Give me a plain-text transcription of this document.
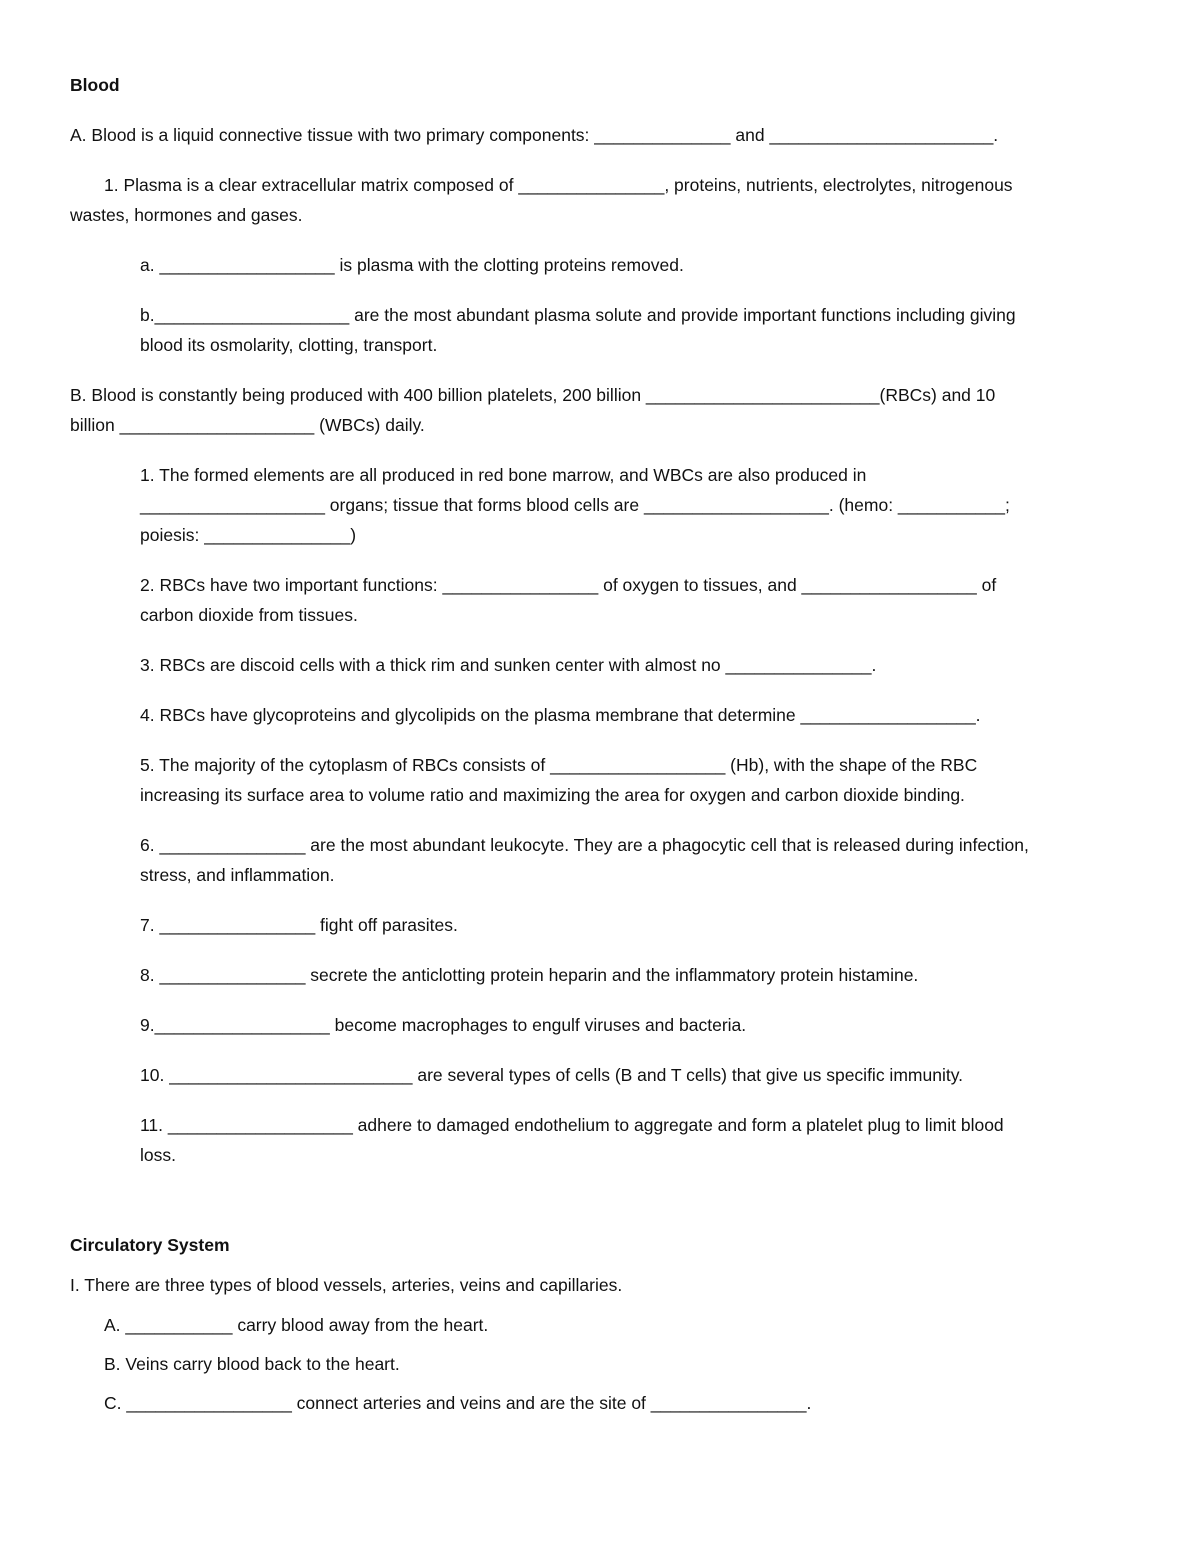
Blood
A. Blood is a liquid connective tissue with two primary components: ______________ and _______________________.
1. Plasma is a clear extracellular matrix composed of _______________, proteins, nutrients, electrolytes, nitrogenous
wastes, hormones and gases.
a. __________________ is plasma with the clotting proteins removed.
b.____________________ are the most abundant plasma solute and provide important functions including giving
blood its osmolarity, clotting, transport.
B. Blood is constantly being produced with 400 billion platelets, 200 billion ________________________(RBCs) and 10
billion ____________________ (WBCs) daily.
1. The formed elements are all produced in red bone marrow, and WBCs are also produced in
___________________ organs; tissue that forms blood cells are ___________________. (hemo: ___________;
poiesis: _______________)
2. RBCs have two important functions: ________________ of oxygen to tissues, and __________________ of
carbon dioxide from tissues.
3. RBCs are discoid cells with a thick rim and sunken center with almost no _______________.
4. RBCs have glycoproteins and glycolipids on the plasma membrane that determine __________________.
5. The majority of the cytoplasm of RBCs consists of __________________ (Hb), with the shape of the RBC
increasing its surface area to volume ratio and maximizing the area for oxygen and carbon dioxide binding.
6. _______________ are the most abundant leukocyte. They are a phagocytic cell that is released during infection,
stress, and inflammation.
7. ________________ fight off parasites.
8. _______________ secrete the anticlotting protein heparin and the inflammatory protein histamine.
9.__________________ become macrophages to engulf viruses and bacteria.
10. _________________________ are several types of cells (B and T cells) that give us specific immunity.
11. ___________________ adhere to damaged endothelium to aggregate and form a platelet plug to limit blood
loss.
Circulatory System
I. There are three types of blood vessels, arteries, veins and capillaries.
A. ___________ carry blood away from the heart.
B. Veins carry blood back to the heart.
C. _________________ connect arteries and veins and are the site of ________________.
